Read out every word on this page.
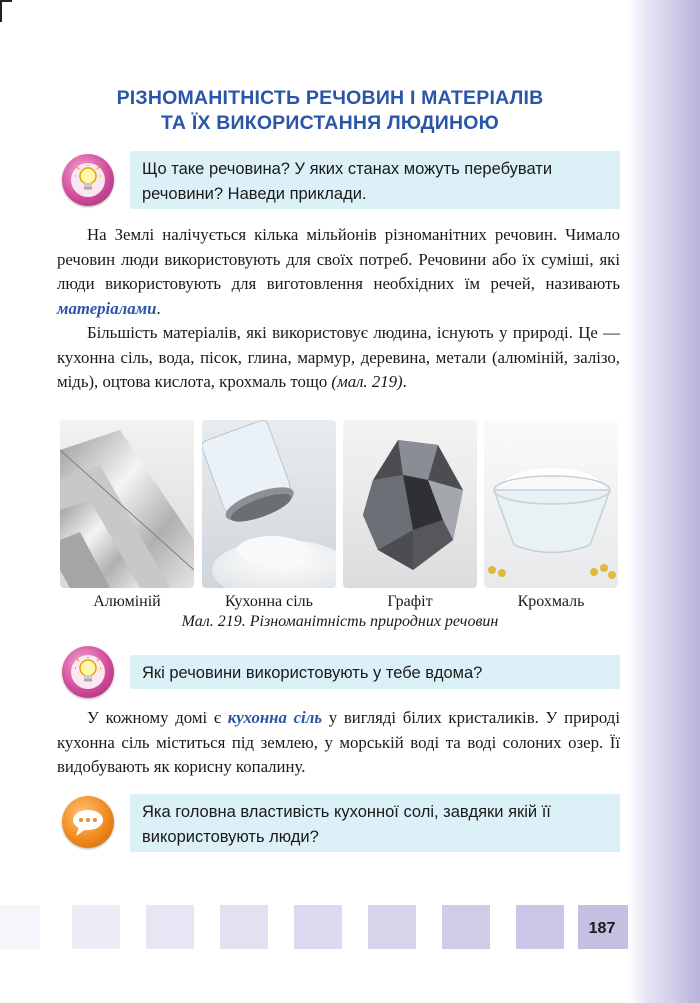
РІЗНОМАНІТНІСТЬ РЕЧОВИН І МАТЕРІАЛІВ
ТА ЇХ ВИКОРИСТАННЯ ЛЮДИНОЮ
Що таке речовина? У яких станах можуть перебувати
речовини? Наведи приклади.
На Землі налічується кілька мільйонів різноманітних речовин. Чимало речовин люди використовують для своїх потреб. Речовини або їх суміші, які люди використовують для виготовлення необхідних їм речей, називають матеріалами.
Більшість матеріалів, які використовує людина, існують у природі. Це — кухонна сіль, вода, пісок, глина, мармур, деревина, метали (алюміній, залізо, мідь), оцтова кислота, крохмаль тощо (мал. 219).
Алюміній	Кухонна сіль	Графіт	Крохмаль
Мал. 219. Різноманітність природних речовин
Які речовини використовують у тебе вдома?
У кожному домі є кухонна сіль у вигляді білих кристаликів. У природі кухонна сіль міститься під землею, у морській воді та воді солоних озер. Її видобувають як корисну копалину.
Яка головна властивість кухонної солі, завдяки якій її
використовують люди?
187
